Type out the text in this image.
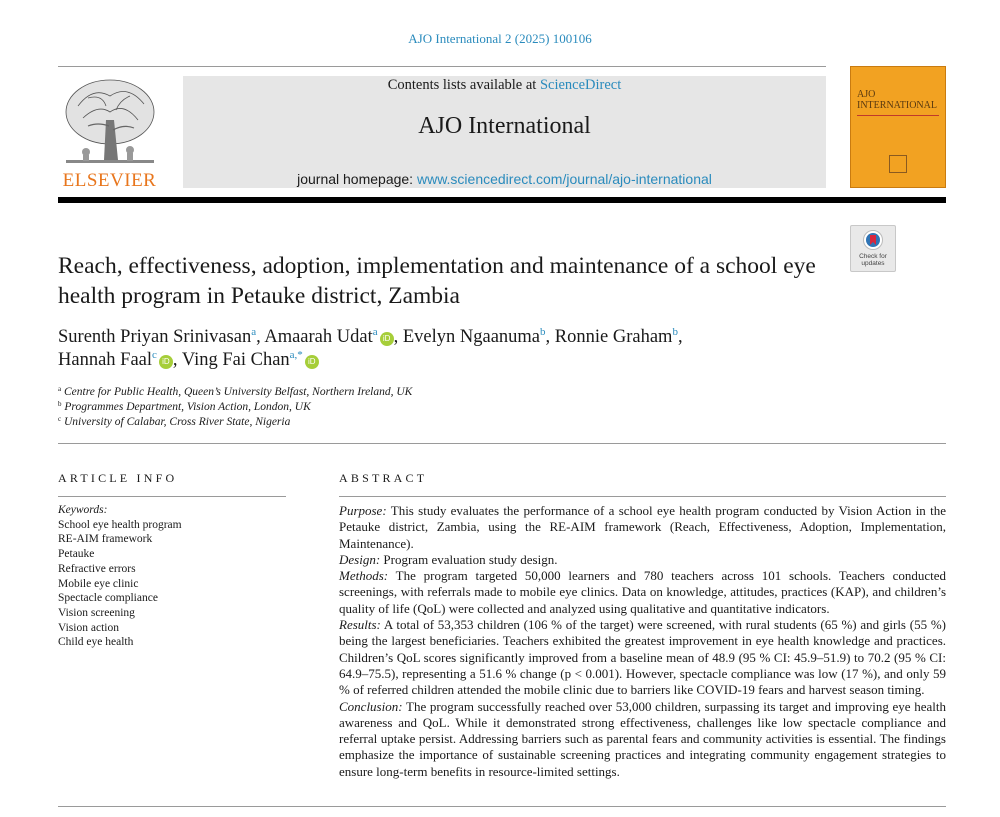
AJO International 2 (2025) 100106
ELSEVIER
Contents lists available at ScienceDirect
AJO International
journal homepage: www.sciencedirect.com/journal/ajo-international
AJO
INTERNATIONAL
Check for updates
Reach, effectiveness, adoption, implementation and maintenance of a school eye health program in Petauke district, Zambia
Surenth Priyan Srinivasan$^a$, Amaarah Udat$^a$iD , Evelyn Ngaanuma$^b$, Ronnie Graham$^b$,
Hannah Faal$^c$iD , Ving Fai Chan$^{a,*}$iD
$^a$ Centre for Public Health, Queen’s University Belfast, Northern Ireland, UK
$^b$ Programmes Department, Vision Action, London, UK
$^c$ University of Calabar, Cross River State, Nigeria
ARTICLE INFO
Keywords:
School eye health program
RE-AIM framework
Petauke
Refractive errors
Mobile eye clinic
Spectacle compliance
Vision screening
Vision action
Child eye health
ABSTRACT

Purpose: This study evaluates the performance of a school eye health program conducted by Vision Action in the Petauke district, Zambia, using the RE-AIM framework (Reach, Effectiveness, Adoption, Implementation, Maintenance).

Design: Program evaluation study design.

Methods: The program targeted 50,000 learners and 780 teachers across 101 schools. Teachers conducted screenings, with referrals made to mobile eye clinics. Data on knowledge, attitudes, practices (KAP), and children’s quality of life (QoL) were collected and analyzed using qualitative and quantitative indicators.

Results: A total of 53,353 children (106 % of the target) were screened, with rural students (65 %) and girls (55 %) being the largest beneficiaries. Teachers exhibited the greatest improvement in eye health knowledge and practices. Children’s QoL scores significantly improved from a baseline mean of 48.9 (95 % CI: 45.9–51.9) to 70.2 (95 % CI: 64.9–75.5), representing a 51.6 % change (p < 0.001). However, spectacle compliance was low (17 %), and only 59 % of referred children attended the mobile clinic due to barriers like COVID-19 fears and harvest season timing.

Conclusion: The program successfully reached over 53,000 children, surpassing its target and improving eye health awareness and QoL. While it demonstrated strong effectiveness, challenges like low spectacle compliance and referral uptake persist. Addressing barriers such as parental fears and community activities is essential. The findings emphasize the importance of sustainable screening practices and integrating community engagement strategies to ensure long-term benefits in resource-limited settings.
